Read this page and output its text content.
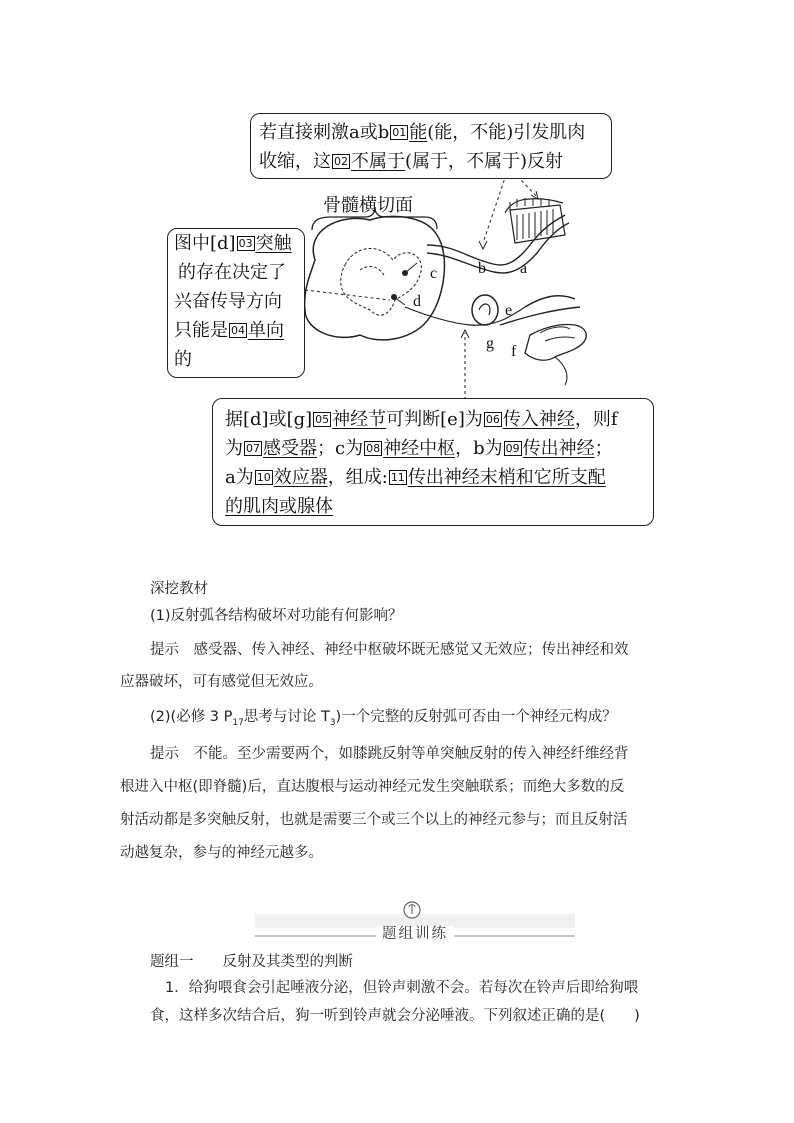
若直接刺激a或b 01 能(能，不能)引发肌肉
收缩，这 02 不属于(属于，不属于)反射
骨髓横切面
图中[d] 03 突触
的存在决定了
兴奋传导方向
只能是 04 单向
的
a
b
c
d
e
f
g
据[d]或[g] 05 神经节可判断[e]为 06 传入神经，则f
为 07 感受器；c为 08 神经中枢，b为 09 传出神经；
a为 10 效应器，组成: 11 传出神经末梢和它所支配
的肌肉或腺体
深挖教材
(1)反射弧各结构破坏对功能有何影响？
提示　感受器、传入神经、神经中枢破坏既无感觉又无效应；传出神经和效
应器破坏，可有感觉但无效应。
(2)(必修 3 $P_{17}$思考与讨论 $T_3$)一个完整的反射弧可否由一个神经元构成？
提示　不能。至少需要两个，如膝跳反射等单突触反射的传入神经纤维经背
根进入中枢(即脊髓)后，直达腹根与运动神经元发生突触联系；而绝大多数的反
射活动都是多突触反射，也就是需要三个或三个以上的神经元参与；而且反射活
动越复杂，参与的神经元越多。
题组训练
题组一　　反射及其类型的判断
1．给狗喂食会引起唾液分泌，但铃声刺激不会。若每次在铃声后即给狗喂
食，这样多次结合后，狗一听到铃声就会分泌唾液。下列叙述正确的是(　　)
